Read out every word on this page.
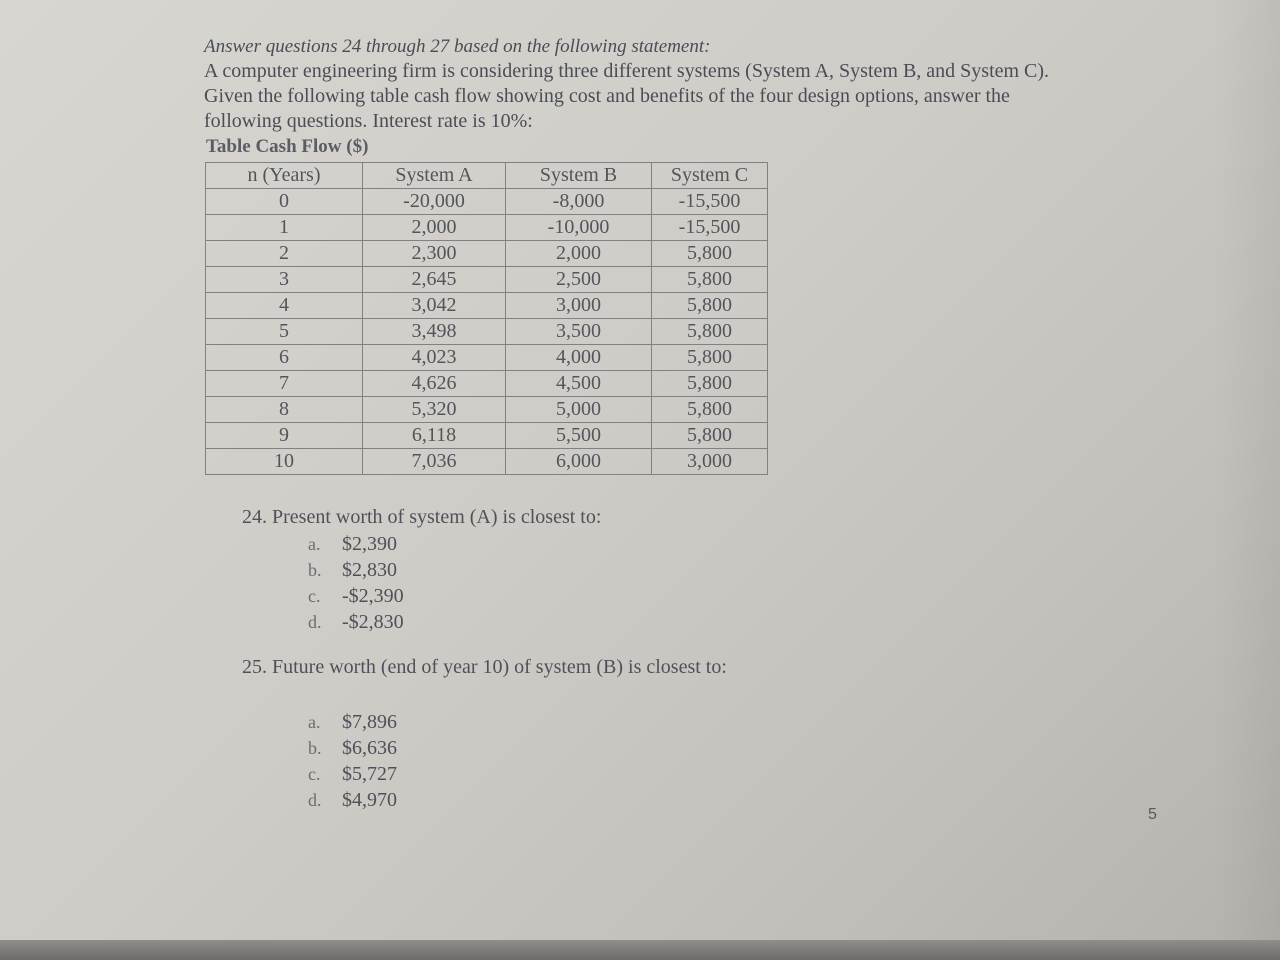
Answer questions 24 through 27 based on the following statement:

A computer engineering firm is considering three different systems (System A, System B, and System C).

Given the following table cash flow showing cost and benefits of the four design options, answer the

following questions. Interest rate is 10%:

Table Cash Flow ($)
n (Years)	System A	System B	System C
0	-20,000	-8,000	-15,500
1	2,000	-10,000	-15,500
2	2,300	2,000	5,800
3	2,645	2,500	5,800
4	3,042	3,000	5,800
5	3,498	3,500	5,800
6	4,023	4,000	5,800
7	4,626	4,500	5,800
8	5,320	5,000	5,800
9	6,118	5,500	5,800
10	7,036	6,000	3,000

24. Present worth of system (A) is closest to:

a. $2,390
b. $2,830
c. -$2,390
d. -$2,830

25. Future worth (end of year 10) of system (B) is closest to:

a. $7,896
b. $6,636
c. $5,727
d. $4,970
5
